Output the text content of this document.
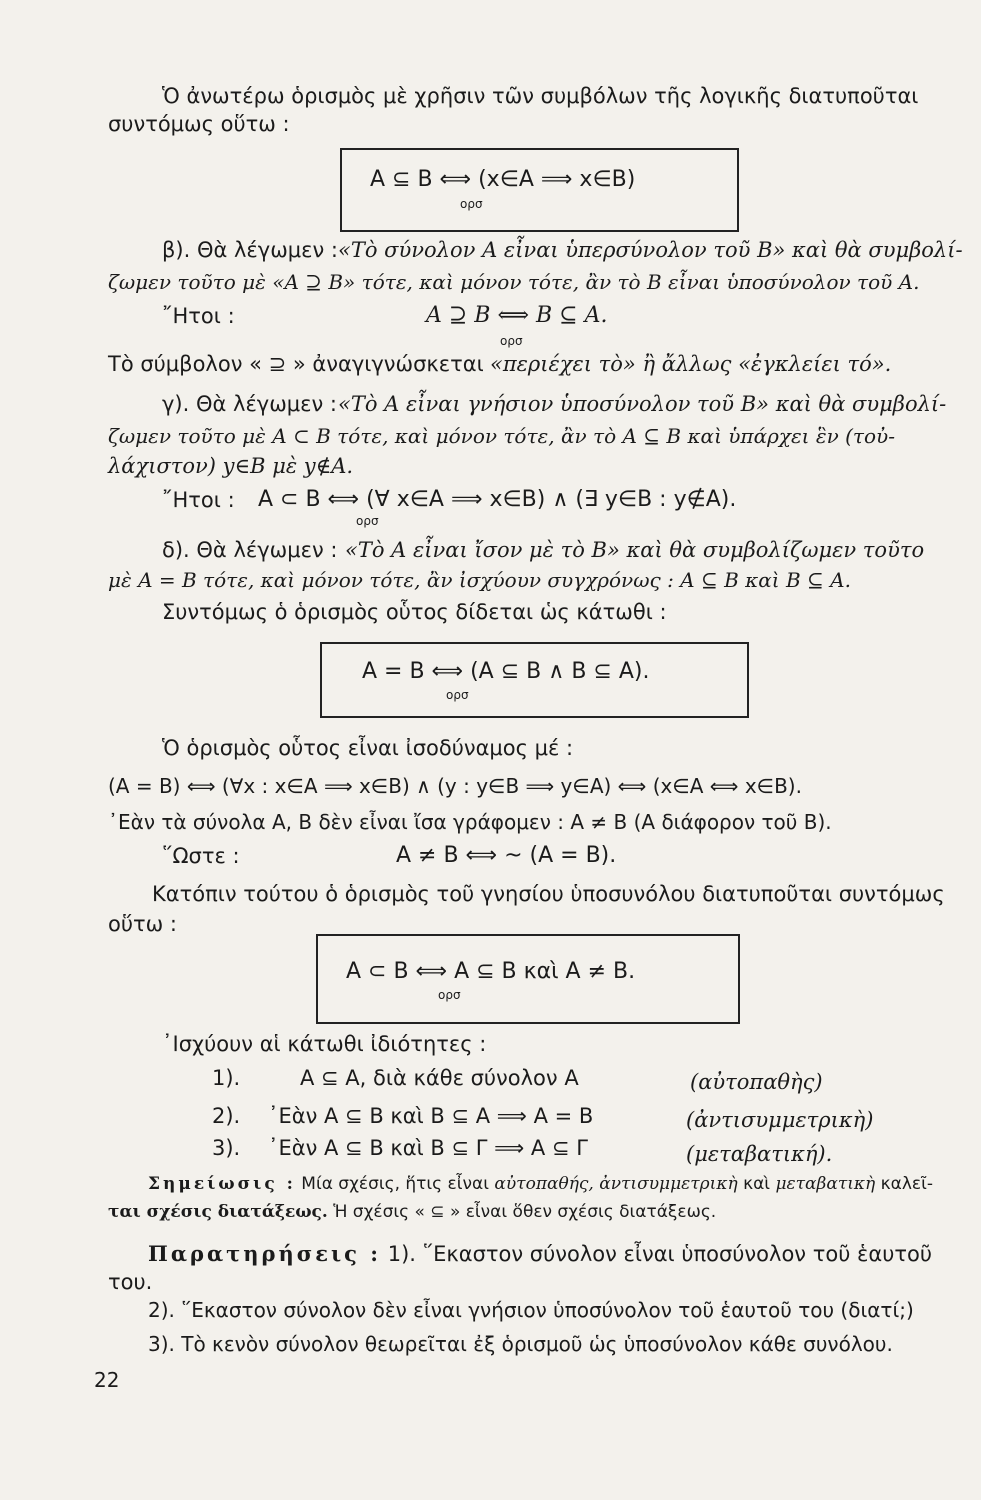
Ὁ ἀνωτέρω ὁρισμὸς μὲ χρῆσιν τῶν συμβόλων τῆς λογικῆς διατυποῦται
συντόμως οὕτω :
A ⊆ B ⟺ (x∈A ⟹ x∈B)
ορσ
β). Θὰ λέγωμεν : «Τὸ σύνολον A εἶναι ὑπερσύνολον τοῦ B» καὶ θὰ συμβολί-
ζωμεν τοῦτο μὲ «A ⊇ B» τότε, καὶ μόνον τότε, ἂν τὸ B εἶναι ὑποσύνολον τοῦ A.
῎Ητοι :	A ⊇ B ⟺ B ⊆ A.
ορσ
Τὸ σύμβολον « ⊇ » ἀναγιγνώσκεται «περιέχει τὸ» ἢ ἄλλως «ἐγκλείει τό».
γ). Θὰ λέγωμεν : «Τὸ A εἶναι γνήσιον ὑποσύνολον τοῦ B» καὶ θὰ συμβολί-
ζωμεν τοῦτο μὲ A ⊂ B τότε, καὶ μόνον τότε, ἂν τὸ A ⊆ B καὶ ὑπάρχει ἓν (τοὐ-
λάχιστον) y∈B μὲ y∉A.
῎Ητοι : A ⊂ B ⟺ (∀ x∈A ⟹ x∈B) ∧ (∃ y∈B : y∉A).
ορσ
δ). Θὰ λέγωμεν : «Τὸ A εἶναι ἴσον μὲ τὸ B» καὶ θὰ συμβολίζωμεν τοῦτο
μὲ A = B τότε, καὶ μόνον τότε, ἂν ἰσχύουν συγχρόνως : A ⊆ B καὶ B ⊆ A.
Συντόμως ὁ ὁρισμὸς οὗτος δίδεται ὡς κάτωθι :
A = B ⟺ (A ⊆ B ∧ B ⊆ A).
ορσ
Ὁ ὁρισμὸς οὗτος εἶναι ἰσοδύναμος μέ :
(A = B) ⟺ (∀x : x∈A ⟹ x∈B) ∧ (y : y∈B ⟹ y∈A) ⟺ (x∈A ⟺ x∈B).
᾿Εὰν τὰ σύνολα A, B δὲν εἶναι ἴσα γράφομεν : A ≠ B (A διάφορον τοῦ B).
῞Ωστε :	A ≠ B ⟺ ~ (A = B).
Κατόπιν τούτου ὁ ὁρισμὸς τοῦ γνησίου ὑποσυνόλου διατυποῦται συντόμως
οὕτω :
A ⊂ B ⟺ A ⊆ B καὶ A ≠ B.
ορσ
᾿Ισχύουν αἱ κάτωθι ἰδιότητες :
1).	A ⊆ A, διὰ κάθε σύνολον A	(αὐτοπαθὴς)
2). ᾿Εὰν A ⊆ B καὶ B ⊆ A ⟹ A = B	(ἀντισυμμετρικὴ)
3). ᾿Εὰν A ⊆ B καὶ B ⊆ Γ ⟹ A ⊆ Γ	(μεταβατική).
Σημείωσις : Μία σχέσις, ἥτις εἶναι αὐτοπαθής, ἀντισυμμετρικὴ καὶ μεταβατικὴ καλεῖ-
ται σχέσις διατάξεως. Ἡ σχέσις « ⊆ » εἶναι ὅθεν σχέσις διατάξεως.
Παρατηρήσεις : 1). ῞Εκαστον σύνολον εἶναι ὑποσύνολον τοῦ ἑαυτοῦ
του.
2). ῞Εκαστον σύνολον δὲν εἶναι γνήσιον ὑποσύνολον τοῦ ἑαυτοῦ του (διατί;)
3). Τὸ κενὸν σύνολον θεωρεῖται ἐξ ὁρισμοῦ ὡς ὑποσύνολον κάθε συνόλου.
22
